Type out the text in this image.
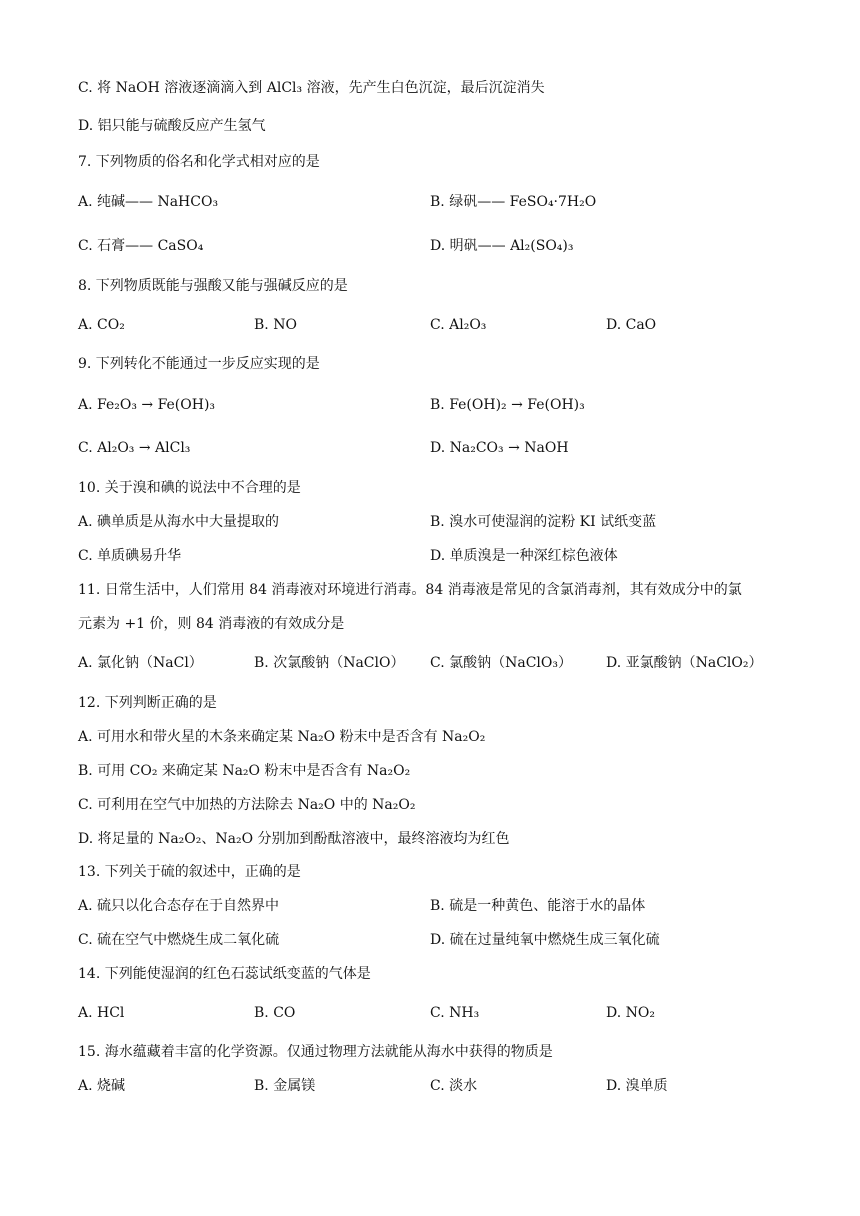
C. 将 NaOH 溶液逐滴滴入到 AlCl₃ 溶液，先产生白色沉淀，最后沉淀消失
D. 铝只能与硫酸反应产生氢气
7. 下列物质的俗名和化学式相对应的是
A. 纯碱—— NaHCO₃	B. 绿矾—— FeSO₄·7H₂O
C. 石膏—— CaSO₄	D. 明矾—— Al₂(SO₄)₃
8. 下列物质既能与强酸又能与强碱反应的是
A. CO₂	B. NO	C. Al₂O₃	D. CaO
9. 下列转化不能通过一步反应实现的是
A. Fe₂O₃ → Fe(OH)₃	B. Fe(OH)₂ → Fe(OH)₃
C. Al₂O₃ → AlCl₃	D. Na₂CO₃ → NaOH
10. 关于溴和碘的说法中不合理的是
A. 碘单质是从海水中大量提取的	B. 溴水可使湿润的淀粉 KI 试纸变蓝
C. 单质碘易升华	D. 单质溴是一种深红棕色液体
11. 日常生活中，人们常用 84 消毒液对环境进行消毒。84 消毒液是常见的含氯消毒剂，其有效成分中的氯
元素为 +1 价，则 84 消毒液的有效成分是
A. 氯化钠（NaCl）	B. 次氯酸钠（NaClO） C. 氯酸钠（NaClO₃） D. 亚氯酸钠（NaClO₂）
12. 下列判断正确的是
A. 可用水和带火星的木条来确定某 Na₂O 粉末中是否含有 Na₂O₂
B. 可用 CO₂ 来确定某 Na₂O 粉末中是否含有 Na₂O₂
C. 可利用在空气中加热的方法除去 Na₂O 中的 Na₂O₂
D. 将足量的 Na₂O₂、Na₂O 分别加到酚酞溶液中，最终溶液均为红色
13. 下列关于硫的叙述中，正确的是
A. 硫只以化合态存在于自然界中	B. 硫是一种黄色、能溶于水的晶体
C. 硫在空气中燃烧生成二氧化硫	D. 硫在过量纯氧中燃烧生成三氧化硫
14. 下列能使湿润的红色石蕊试纸变蓝的气体是
A. HCl	B. CO	C. NH₃	D. NO₂
15. 海水蕴藏着丰富的化学资源。仅通过物理方法就能从海水中获得的物质是
A. 烧碱	B. 金属镁	C. 淡水	D. 溴单质
